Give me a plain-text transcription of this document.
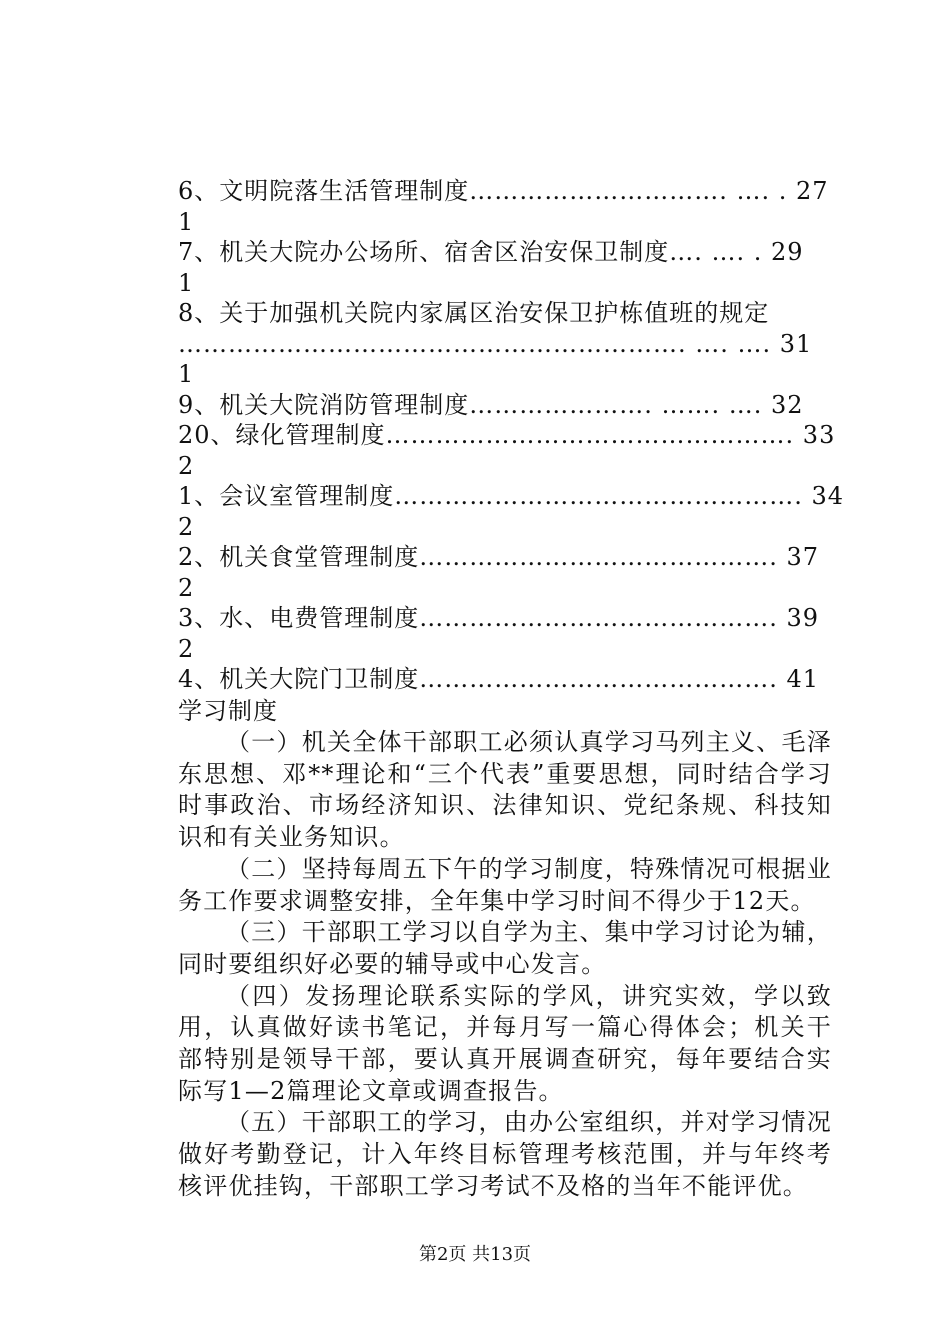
6、文明院落生活管理制度…………………………. …. . 27
1
7、机关大院办公场所、宿舍区治安保卫制度…. …. . 29
1
8、关于加强机关院内家属区治安保卫护栋值班的规定
……………………………………………………. …. …. 31
1
9、机关大院消防管理制度…………………. ……. …. 32
20、绿化管理制度…………………………………………. 33
2
1、会议室管理制度…………………………………………. 34
2
2、机关食堂管理制度……………………………………. 37
2
3、水、电费管理制度……………………………………. 39
2
4、机关大院门卫制度……………………………………. 41
学习制度

（一）机关全体干部职工必须认真学习马列主义、毛泽东思想、邓**理论和“三个代表”重要思想，同时结合学习时事政治、市场经济知识、法律知识、党纪条规、科技知识和有关业务知识。

（二）坚持每周五下午的学习制度，特殊情况可根据业务工作要求调整安排，全年集中学习时间不得少于12天。

（三）干部职工学习以自学为主、集中学习讨论为辅，同时要组织好必要的辅导或中心发言。

（四）发扬理论联系实际的学风，讲究实效，学以致用，认真做好读书笔记，并每月写一篇心得体会；机关干部特别是领导干部，要认真开展调查研究，每年要结合实际写1—2篇理论文章或调查报告。

（五）干部职工的学习，由办公室组织，并对学习情况做好考勤登记，计入年终目标管理考核范围，并与年终考核评优挂钩，干部职工学习考试不及格的当年不能评优。

第2页 共13页
